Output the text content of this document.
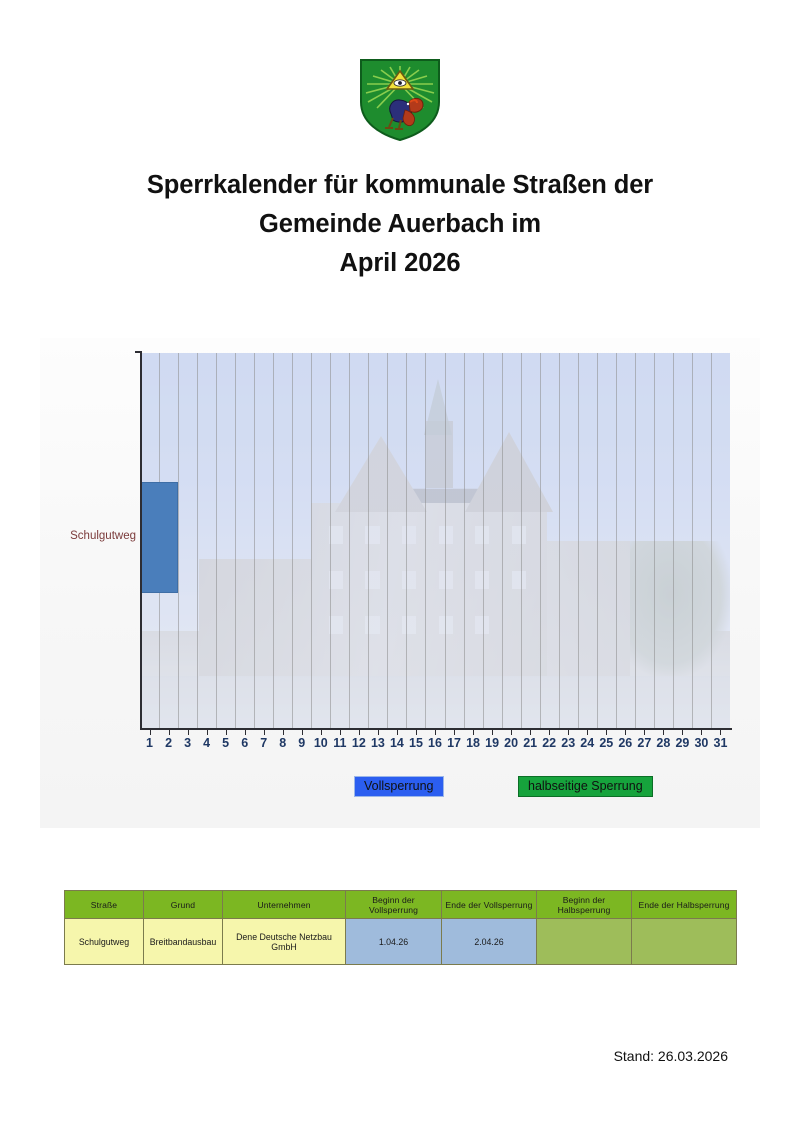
Sperrkalender für kommunale Straßen der
Gemeinde Auerbach im
April 2026
Schulgutweg
1 2 3 4 5 6 7 8 9 10 11 12 13 14 15 16 17 18 19 20 21 22 23 24 25 26 27 28 29 30 31
Vollsperrung	halbseitige Sperrung
Straße	Grund	Unternehmen	Beginn der Vollsperrung	Ende der Vollsperrung	Beginn der Halbsperrung	Ende der Halbsperrung
Schulgutweg	Breitbandausbau	Dene Deutsche Netzbau GmbH	1.04.26	2.04.26		
Stand: 26.03.2026
